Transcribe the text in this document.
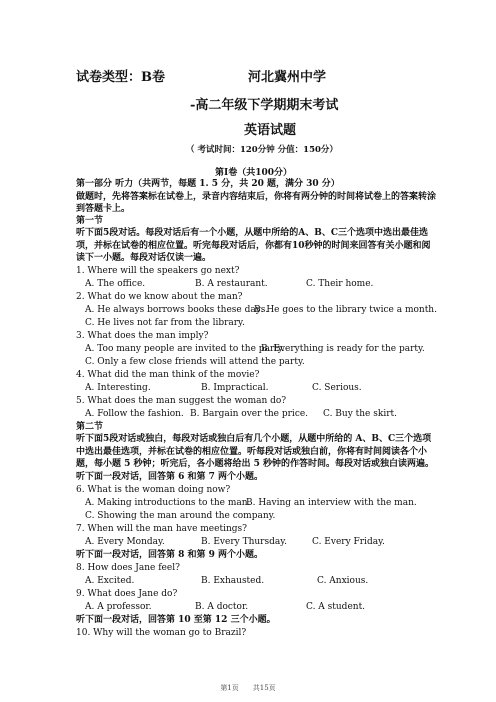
试卷类型：B卷	河北冀州中学
-高二年级下学期期末考试
英语试题
（ 考试时间：120分钟 分值：150分）
第Ⅰ卷（共100分）
第一部分 听力（共两节，每题 1. 5 分，共 20 题，满分 30 分）
做题时，先将答案标在试卷上，录音内容结束后，你将有两分钟的时间将试卷上的答案转涂
到答题卡上。
第一节
听下面5段对话。每段对话后有一个小题，从题中所给的A、B、C三个选项中选出最佳选
项，并标在试卷的相应位置。听完每段对话后，你都有10秒钟的时间来回答有关小题和阅
读下一小题。每段对话仅读一遍。
1. Where will the speakers go next?
A. The office.	B. A restaurant.	C. Their home.
2. What do we know about the man?
A. He always borrows books these days.
B. He goes to the library twice a month.
C. He lives not far from the library.
3. What does the man imply?
A. Too many people are invited to the party.
B. Everything is ready for the party.
C. Only a few close friends will attend the party.
4. What did the man think of the movie?
A. Interesting.	B. Impractical.	C. Serious.
5. What does the man suggest the woman do?
A. Follow the fashion. B. Bargain over the price. C. Buy the skirt.
第二节
听下面5段对话或独白，每段对话或独白后有几个小题，从题中所给的 A、B、C三个选项
中选出最佳选项，并标在试卷的相应位置。听每段对话或独白前，你将有时间阅读各个小
题，每小题 5 秒钟；听完后，各小题将给出 5 秒钟的作答时间。每段对话或独白读两遍。
听下面一段对话，回答第 6 和第 7 两个小题。
6. What is the woman doing now?
A. Making introductions to the man.
B. Having an interview with the man.
C. Showing the man around the company.
7. When will the man have meetings?
A. Every Monday.	B. Every Thursday.	C. Every Friday.
听下面一段对话，回答第 8 和第 9 两个小题。
8. How does Jane feel?
A. Excited.	B. Exhausted.	C. Anxious.
9. What does Jane do?
A. A professor.	B. A doctor.	C. A student.
听下面一段对话，回答第 10 至第 12 三个小题。
10. Why will the woman go to Brazil?
第1页　　共15页
